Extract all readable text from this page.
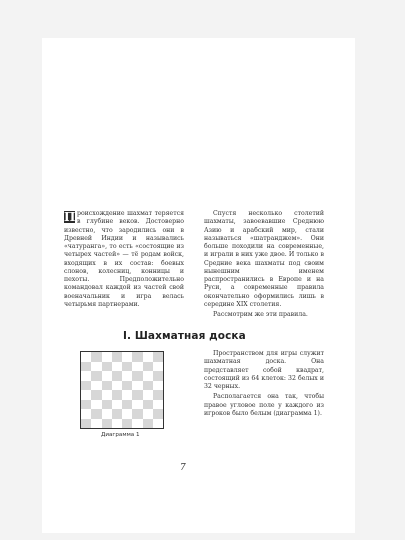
П роисхождение шахмат теряется в глубине веков. Достоверно известно, что зародились они в Древней Индии и назывались «чатуранга», то есть «состоящие из четырех частей» — тё родам войск, входящих в их состав: боевых слонов, колесниц, конницы и пехоты. Предположительно командовал каждой из частей свой военачальник и игра велась четырьмя партнерами.

Спустя несколько столетий шахматы, завоевавшие Среднюю Азию и арабский мир, стали называться «шатранджем». Они больше походили на современные, и играли в них уже двое. И только в Средние века шахматы под своим нынешним именем распространились в Европе и на Руси, а современные правила окончательно оформились лишь в середине XIX столетия.

Рассмотрим же эти правила.

I. Шахматная доска
Диаграмма 1

Пространством для игры служит шахматная доска. Она представляет собой квадрат, состоящий из 64 клеток: 32 белых и 32 черных.

Располагается она так, чтобы правое угловое поле у каждого из игроков было белым (диаграмма 1).

7
